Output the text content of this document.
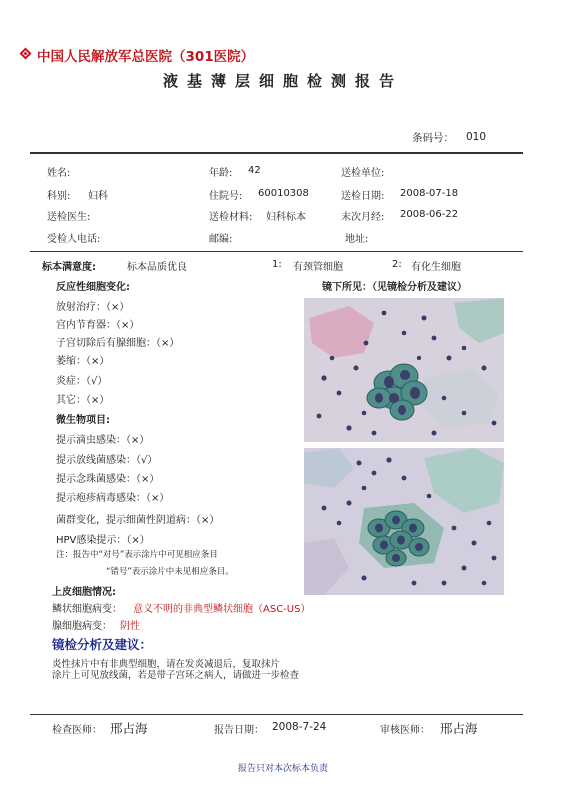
中国人民解放军总医院（301医院）
液基薄层细胞检测报告
条码号： 010
姓名:	年龄: 42	送检单位:
科别: 妇科	住院号: 60010308	送检日期: 2008-07-18
送检医生:	送检材料: 妇科标本	末次月经: 2008-06-22
受检人电话:	邮编:	地址:
标本满意度:	标本品质优良	1: 有颈管细胞	2: 有化生细胞
反应性细胞变化:	镜下所见：（见镜检分析及建议）
放射治疗：（×）
宫内节育器：（×）
子宫切除后有腺细胞：（×）
萎缩：（×）
炎症：（√）
其它：（×）
微生物项目:
提示滴虫感染：（×）
提示放线菌感染：（√）
提示念珠菌感染：（×）
提示疱疹病毒感染：（×）
菌群变化，提示细菌性阴道病：（×）
HPV感染提示：（×）
注：报告中“对号”表示涂片中可见相应条目
“错号”表示涂片中未见相应条目。
上皮细胞情况:
鳞状细胞病变： 意义不明的非典型鳞状细胞（ASC-US）
腺细胞病变： 阴性
镜检分析及建议：
炎性抹片中有非典型细胞，请在发炎减退后，复取抹片
涂片上可见放线菌，若是带子宫环之病人，请做进一步检查
检查医师： 邢占海	报告日期： 2008-7-24	审核医师： 邢占海
报告只对本次标本负责
